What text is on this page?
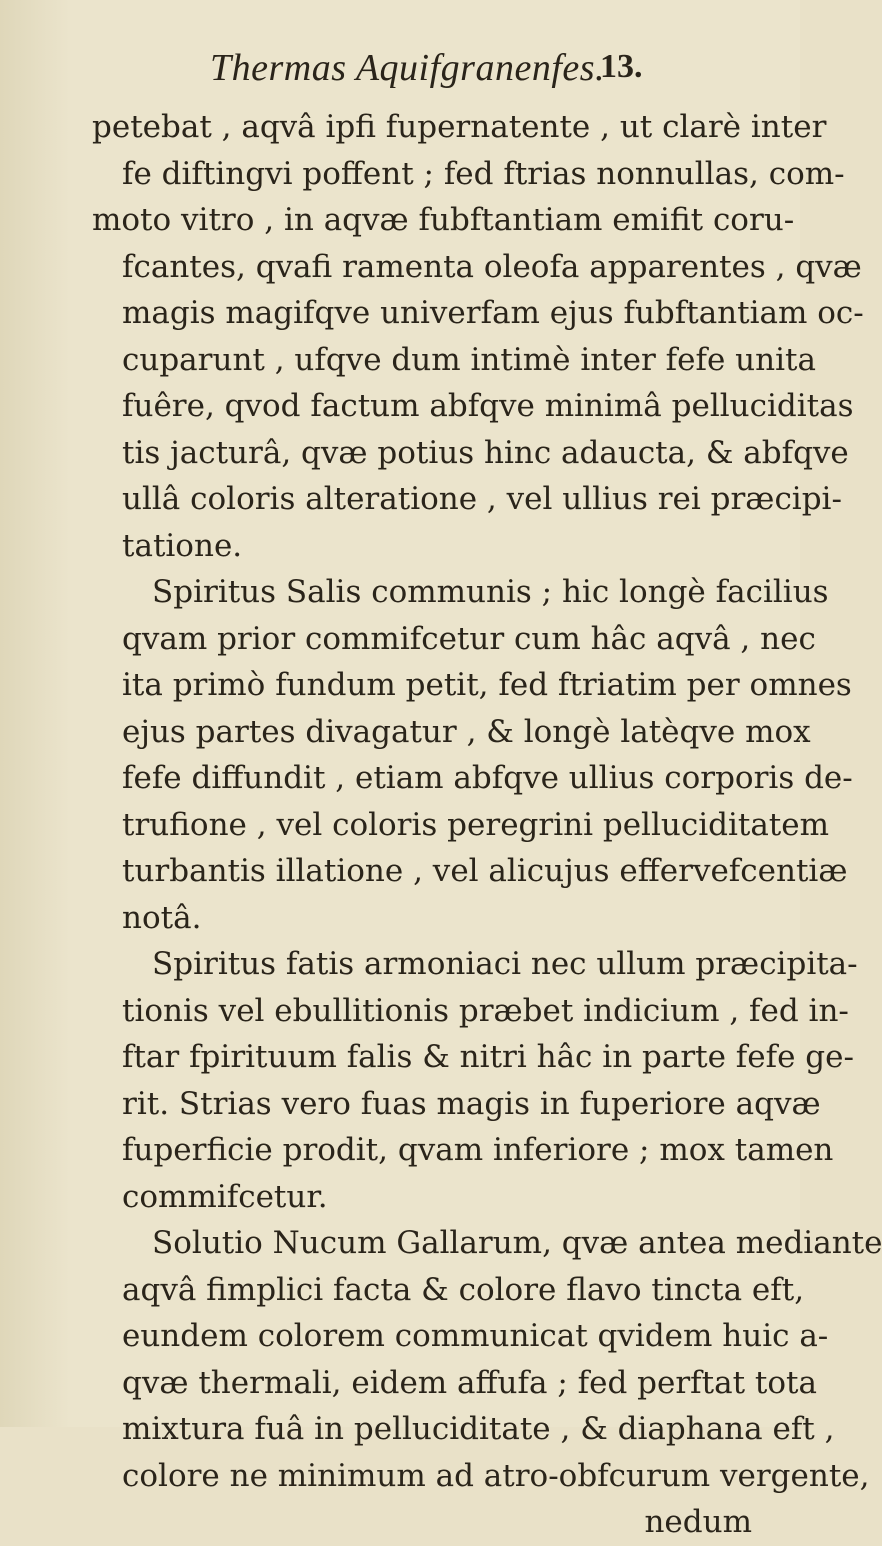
Thermas Aquifgranenfes.
13.
petebat , aqvâ ipfi fupernatente , ut clarè inter
fe diftingvi poffent ; fed ftrias nonnullas, com-
moto vitro , in aqvæ fubftantiam emifit coru-
fcantes, qvafi ramenta oleofa apparentes , qvæ
magis magifqve univerfam ejus fubftantiam oc-
cuparunt , ufqve dum intimè inter fefe unita
fuêre, qvod factum abfqve minimâ pelluciditas
tis jacturâ, qvæ potius hinc adaucta, & abfqve
ullâ coloris alteratione , vel ullius rei præcipi-
tatione.
Spiritus Salis communis ; hic longè facilius
qvam prior commifcetur cum hâc aqvâ , nec
ita primò fundum petit, fed ftriatim per omnes
ejus partes divagatur , & longè latèqve mox
fefe diffundit , etiam abfqve ullius corporis de-
trufione , vel coloris peregrini pelluciditatem
turbantis illatione , vel alicujus effervefcentiæ
notâ.
Spiritus fatis armoniaci nec ullum præcipita-
tionis vel ebullitionis præbet indicium , fed in-
ftar fpirituum falis & nitri hâc in parte fefe ge-
rit. Strias vero fuas magis in fuperiore aqvæ
fuperficie prodit, qvam inferiore ; mox tamen
commifcetur.
Solutio Nucum Gallarum, qvæ antea mediante
aqvâ fimplici facta & colore flavo tincta eft,
eundem colorem communicat qvidem huic a-
qvæ thermali, eidem affufa ; fed perftat tota
mixtura fuâ in pelluciditate , & diaphana eft ,
colore ne minimum ad atro-obfcurum vergente,
nedum
